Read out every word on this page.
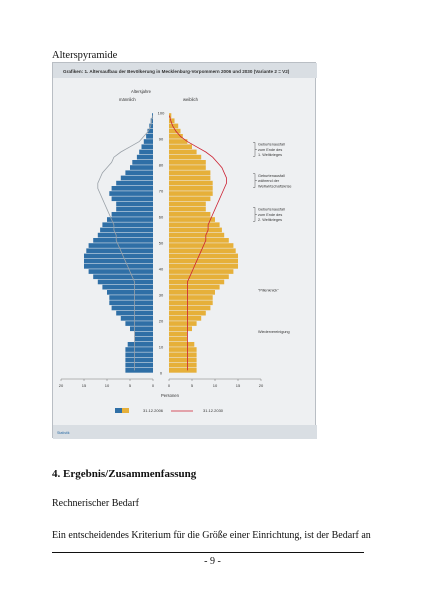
Alterspyramide
Grafiken: 1. Altersaufbau der Bevölkerung in Mecklenburg-Vorpommern 2006 und 2030 (Variante 2 = V2)
Altersjahre
männlich	weiblich
0
10
20
30
40
50
60
70
80
90
100
20	15	10	5	0	0	5	10	15	20
Geburtenausfall
zum Ende des
1. Weltkrieges
Geburtenausfall
während der
Weltwirtschaftskrise
Geburtenausfall
zum Ende des
2. Weltkrieges
"Pillenknick"
Wiedervereinigung
Personen
31.12.2006	31.12.2030
Statistik
4. Ergebnis/Zusammenfassung
Rechnerischer Bedarf
Ein entscheidendes Kriterium für die Größe einer Einrichtung, ist der Bedarf an
- 9 -
